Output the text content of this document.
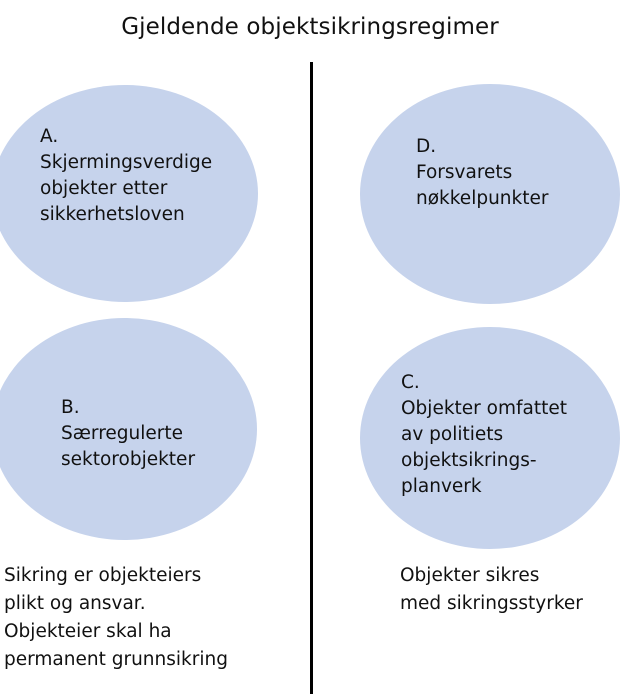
Gjeldende objektsikringsregimer
A.
Skjermingsverdige
objekter etter
sikkerhetsloven
D.
Forsvarets
nøkkelpunkter
B.
Særregulerte
sektorobjekter
C.
Objekter omfattet
av politiets
objektsikrings-
planverk
Sikring er objekteiers
plikt og ansvar.
Objekteier skal ha
permanent grunnsikring
Objekter sikres
med sikringsstyrker
